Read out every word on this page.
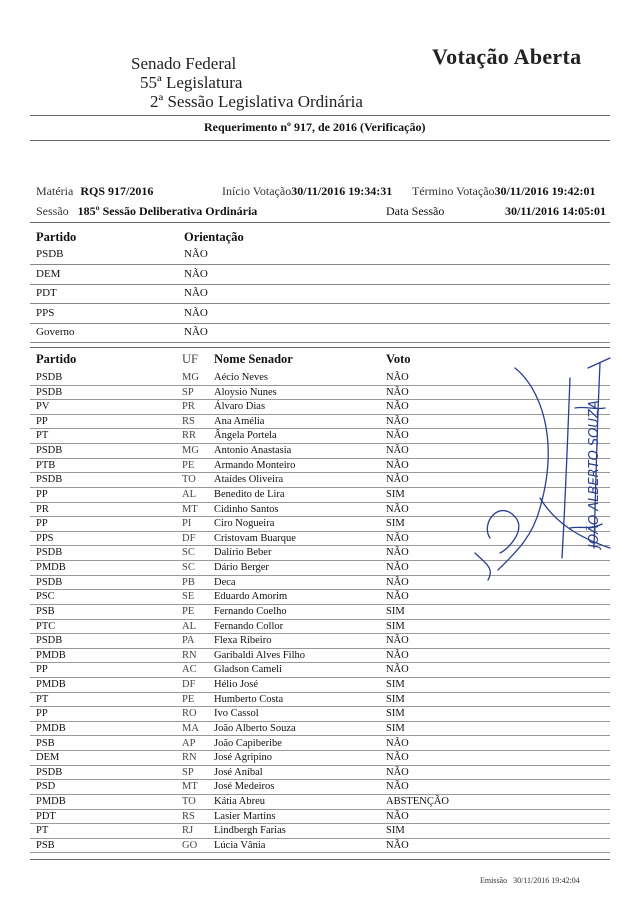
Senado Federal
55ª Legislatura
2ª Sessão Legislativa Ordinária
Votação Aberta
Requerimento nº 917, de 2016 (Verificação)
Matéria RQS 917/2016	Início Votação30/11/2016 19:34:31 Término Votação30/11/2016 19:42:01
Sessão 185º Sessão Deliberativa Ordinária	Data Sessão	30/11/2016 14:05:01
Partido	Orientação
PSDB	NÃO
DEM	NÃO
PDT	NÃO
PPS	NÃO
Governo	NÃO
Partido	UF Nome Senador	Voto
PSDB	MG Aécio Neves	NÃO
PSDB	SP Aloysio Nunes	NÃO
PV	PR Álvaro Dias	NÃO
PP	RS Ana Amélia	NÃO
PT	RR Ângela Portela	NÃO
PSDB	MG Antonio Anastasia	NÃO
PTB	PE Armando Monteiro	NÃO
PSDB	TO Ataídes Oliveira	NÃO
PP	AL Benedito de Lira	SIM
PR	MT Cidinho Santos	NÃO
PP	PI Ciro Nogueira	SIM
PPS	DF Cristovam Buarque	NÃO
PSDB	SC Dalírio Beber	NÃO
PMDB	SC Dário Berger	NÃO
PSDB	PB Deca	NÃO
PSC	SE Eduardo Amorim	NÃO
PSB	PE Fernando Coelho	SIM
PTC	AL Fernando Collor	SIM
PSDB	PA Flexa Ribeiro	NÃO
PMDB	RN Garibaldi Alves Filho	NÃO
PP	AC Gladson Cameli	NÃO
PMDB	DF Hélio José	SIM
PT	PE Humberto Costa	SIM
PP	RO Ivo Cassol	SIM
PMDB	MA João Alberto Souza	SIM
PSB	AP João Capiberibe	NÃO
DEM	RN José Agripino	NÃO
PSDB	SP José Aníbal	NÃO
PSD	MT José Medeiros	NÃO
PMDB	TO Kátia Abreu	ABSTENÇÃO
PDT	RS Lasier Martins	NÃO
PT	RJ Lindbergh Farias	SIM
PSB	GO Lúcia Vânia	NÃO
JOÃO ALBERTO SOUZA
Emissão 30/11/2016 19:42:04
